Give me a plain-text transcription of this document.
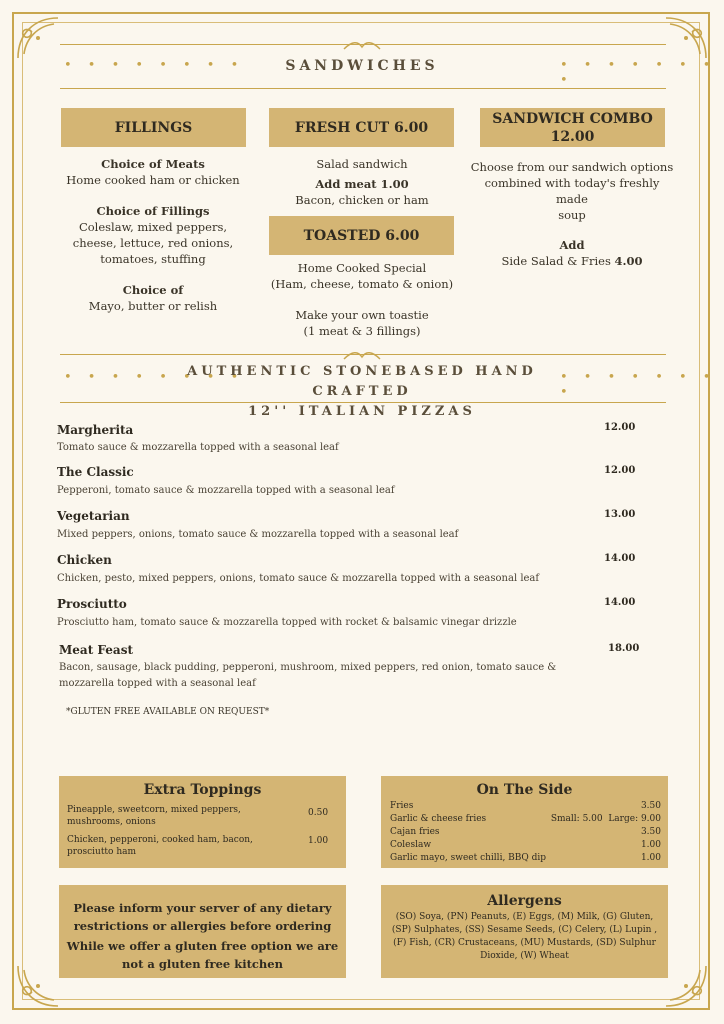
• • • • • • • •	• • • • • • • •
SANDWICHES
FILLINGS
Choice of Meats
Home cooked ham or chicken
Choice of Fillings
Coleslaw, mixed peppers,
cheese, lettuce, red onions,
tomatoes, stuffing
Choice of
Mayo, butter or relish
FRESH CUT 6.00
Salad sandwich
Add meat 1.00
Bacon, chicken or ham
TOASTED 6.00
Home Cooked Special
(Ham, cheese, tomato & onion)
Make your own toastie
(1 meat & 3 fillings)
SANDWICH COMBO
12.00
Choose from our sandwich options
combined with today's freshly made
soup
Add
Side Salad & Fries 4.00
• • • • • • • •	• • • • • • • •
AUTHENTIC STONEBASED HAND CRAFTED
12'' ITALIAN PIZZAS
Margherita
Tomato sauce & mozzarella topped with a seasonal leaf
12.00
The Classic
Pepperoni, tomato sauce & mozzarella topped with a seasonal leaf
12.00
Vegetarian
Mixed peppers, onions, tomato sauce & mozzarella topped with a seasonal leaf
13.00
Chicken
Chicken, pesto, mixed peppers, onions, tomato sauce & mozzarella topped with a seasonal leaf
14.00
Prosciutto
Prosciutto ham, tomato sauce & mozzarella topped with rocket & balsamic vinegar drizzle
14.00
Meat Feast
Bacon, sausage, black pudding, pepperoni, mushroom, mixed peppers, red onion, tomato sauce &
mozzarella topped with a seasonal leaf
18.00
*GLUTEN FREE AVAILABLE ON REQUEST*
Extra Toppings
Pineapple, sweetcorn, mixed peppers,
mushrooms, onions
0.50
Chicken, pepperoni, cooked ham, bacon,
prosciutto ham
1.00
On The Side
Fries	3.50
Garlic & cheese fries	Small: 5.00  Large: 9.00
Cajan fries	3.50
Coleslaw	1.00
Garlic mayo, sweet chilli, BBQ dip	1.00
Please inform your server of any dietary
restrictions or allergies before ordering
While we offer a gluten free option we are
not a gluten free kitchen
Allergens
(SO) Soya, (PN) Peanuts, (E) Eggs, (M) Milk, (G) Gluten,
(SP) Sulphates, (SS) Sesame Seeds, (C) Celery, (L) Lupin ,
(F) Fish, (CR) Crustaceans, (MU) Mustards, (SD) Sulphur
Dioxide, (W) Wheat
